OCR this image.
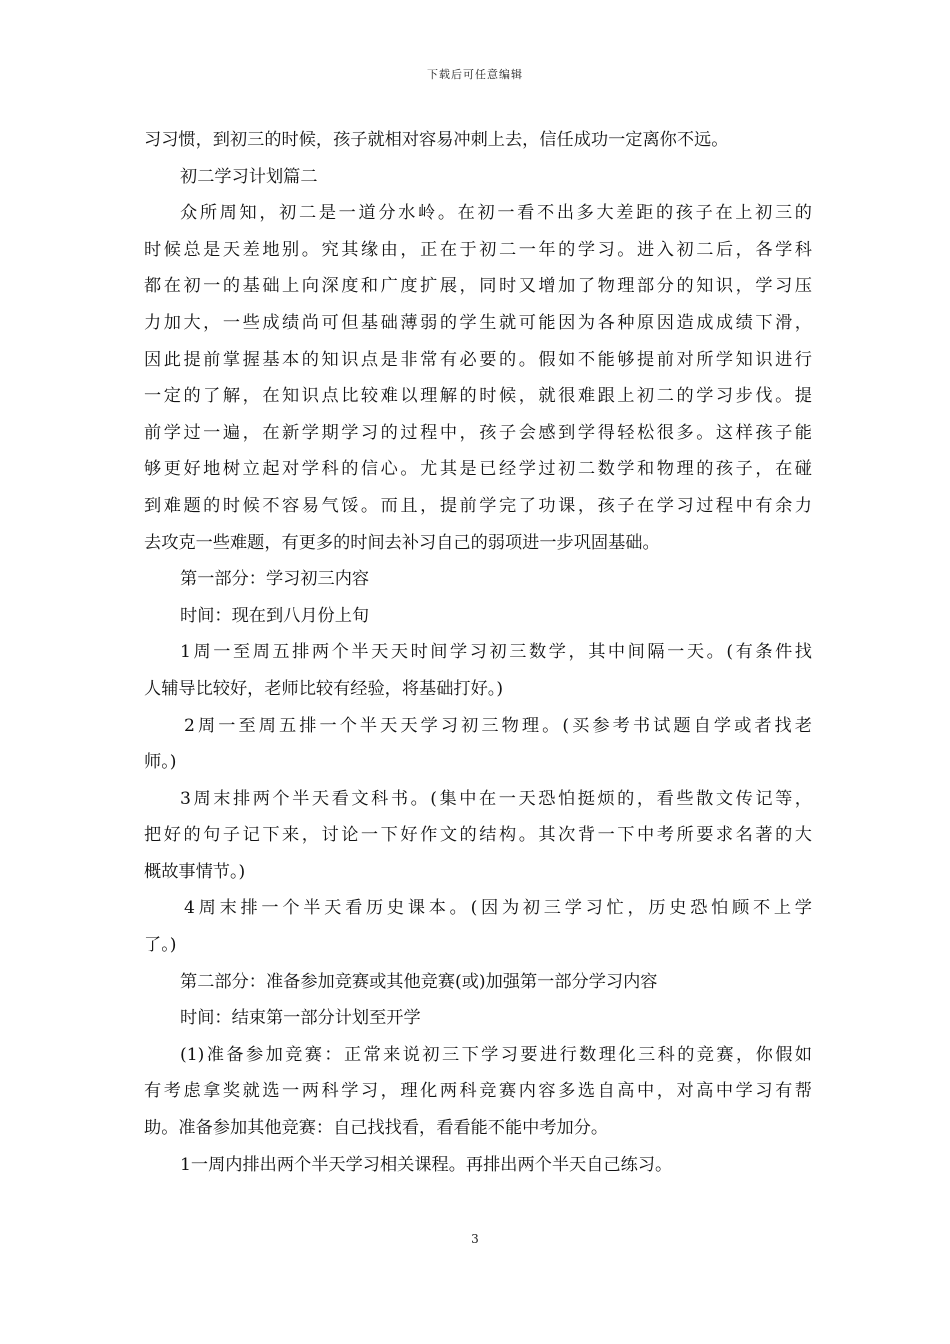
下载后可任意编辑
习习惯，到初三的时候，孩子就相对容易冲刺上去，信任成功一定离你不远。
初二学习计划篇二
众所周知，初二是一道分水岭。在初一看不出多大差距的孩子在上初三的
时候总是天差地别。究其缘由，正在于初二一年的学习。进入初二后，各学科
都在初一的基础上向深度和广度扩展，同时又增加了物理部分的知识，学习压
力加大，一些成绩尚可但基础薄弱的学生就可能因为各种原因造成成绩下滑，
因此提前掌握基本的知识点是非常有必要的。假如不能够提前对所学知识进行
一定的了解，在知识点比较难以理解的时候，就很难跟上初二的学习步伐。提
前学过一遍，在新学期学习的过程中，孩子会感到学得轻松很多。这样孩子能
够更好地树立起对学科的信心。尤其是已经学过初二数学和物理的孩子，在碰
到难题的时候不容易气馁。而且，提前学完了功课，孩子在学习过程中有余力
去攻克一些难题，有更多的时间去补习自己的弱项进一步巩固基础。
第一部分：学习初三内容
时间：现在到八月份上旬
1周一至周五排两个半天天时间学习初三数学，其中间隔一天。(有条件找
人辅导比较好，老师比较有经验，将基础打好。)
2周一至周五排一个半天天学习初三物理。(买参考书试题自学或者找老
师。)
3周末排两个半天看文科书。(集中在一天恐怕挺烦的，看些散文传记等，
把好的句子记下来，讨论一下好作文的结构。其次背一下中考所要求名著的大
概故事情节。)
4周末排一个半天看历史课本。(因为初三学习忙，历史恐怕顾不上学
了。)
第二部分：准备参加竞赛或其他竞赛(或)加强第一部分学习内容
时间：结束第一部分计划至开学
(1)准备参加竞赛：正常来说初三下学习要进行数理化三科的竞赛，你假如
有考虑拿奖就选一两科学习，理化两科竞赛内容多选自高中，对高中学习有帮
助。准备参加其他竞赛：自己找找看，看看能不能中考加分。
1一周内排出两个半天学习相关课程。再排出两个半天自己练习。
3
